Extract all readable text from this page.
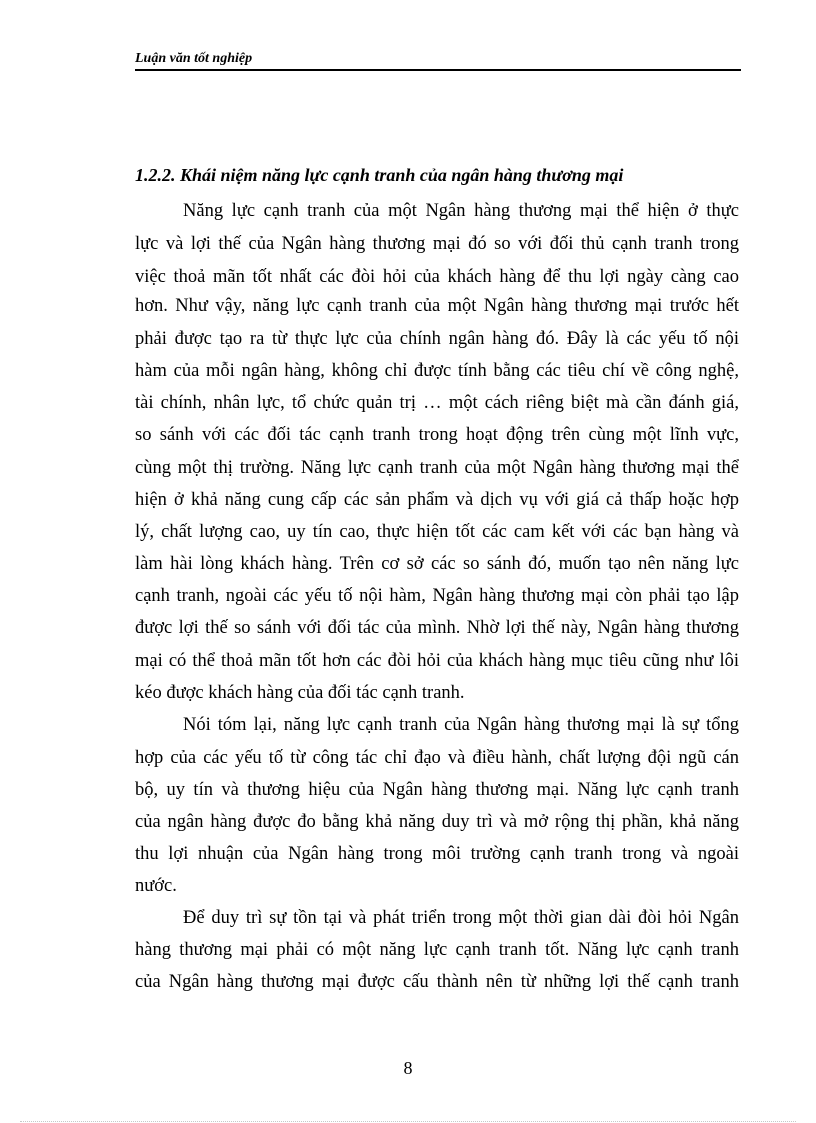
Luận văn tốt nghiệp
1.2.2. Khái niệm năng lực cạnh tranh của ngân hàng thương mại
Năng lực cạnh tranh của một Ngân hàng thương mại thể hiện ở thực
lực và lợi thế của Ngân hàng thương mại đó so với đối thủ cạnh tranh trong
việc thoả mãn tốt nhất các đòi hỏi của khách hàng để thu lợi ngày càng cao
hơn. Như vậy, năng lực cạnh tranh của một Ngân hàng thương mại trước hết
phải được tạo ra từ thực lực của chính ngân hàng đó. Đây là các yếu tố nội
hàm của mỗi ngân hàng, không chỉ được tính bằng các tiêu chí về công nghệ,
tài chính, nhân lực, tổ chức quản trị … một cách riêng biệt mà cần đánh giá,
so sánh với các đối tác cạnh tranh trong hoạt động trên cùng một lĩnh vực,
cùng một thị trường. Năng lực cạnh tranh của một Ngân hàng thương mại thể
hiện ở khả năng cung cấp các sản phẩm và dịch vụ với giá cả thấp hoặc hợp
lý, chất lượng cao, uy tín cao, thực hiện tốt các cam kết với các bạn hàng và
làm hài lòng khách hàng. Trên cơ sở các so sánh đó, muốn tạo nên năng lực
cạnh tranh, ngoài các yếu tố nội hàm, Ngân hàng thương mại còn phải tạo lập
được lợi thế so sánh với đối tác của mình. Nhờ lợi thế này, Ngân hàng thương
mại có thể thoả mãn tốt hơn các đòi hỏi của khách hàng mục tiêu cũng như lôi
kéo được khách hàng của đối tác cạnh tranh.
Nói tóm lại, năng lực cạnh tranh của Ngân hàng thương mại là sự tổng
hợp của các yếu tố từ công tác chỉ đạo và điều hành, chất lượng đội ngũ cán
bộ, uy tín và thương hiệu của Ngân hàng thương mại. Năng lực cạnh tranh
của ngân hàng được đo bằng khả năng duy trì và mở rộng thị phần, khả năng
thu lợi nhuận của Ngân hàng trong môi trường cạnh tranh trong và ngoài
nước.
Để duy trì sự tồn tại và phát triển trong một thời gian dài đòi hỏi Ngân
hàng thương mại phải có một năng lực cạnh tranh tốt. Năng lực cạnh tranh
của Ngân hàng thương mại được cấu thành nên từ những lợi thế cạnh tranh
8
